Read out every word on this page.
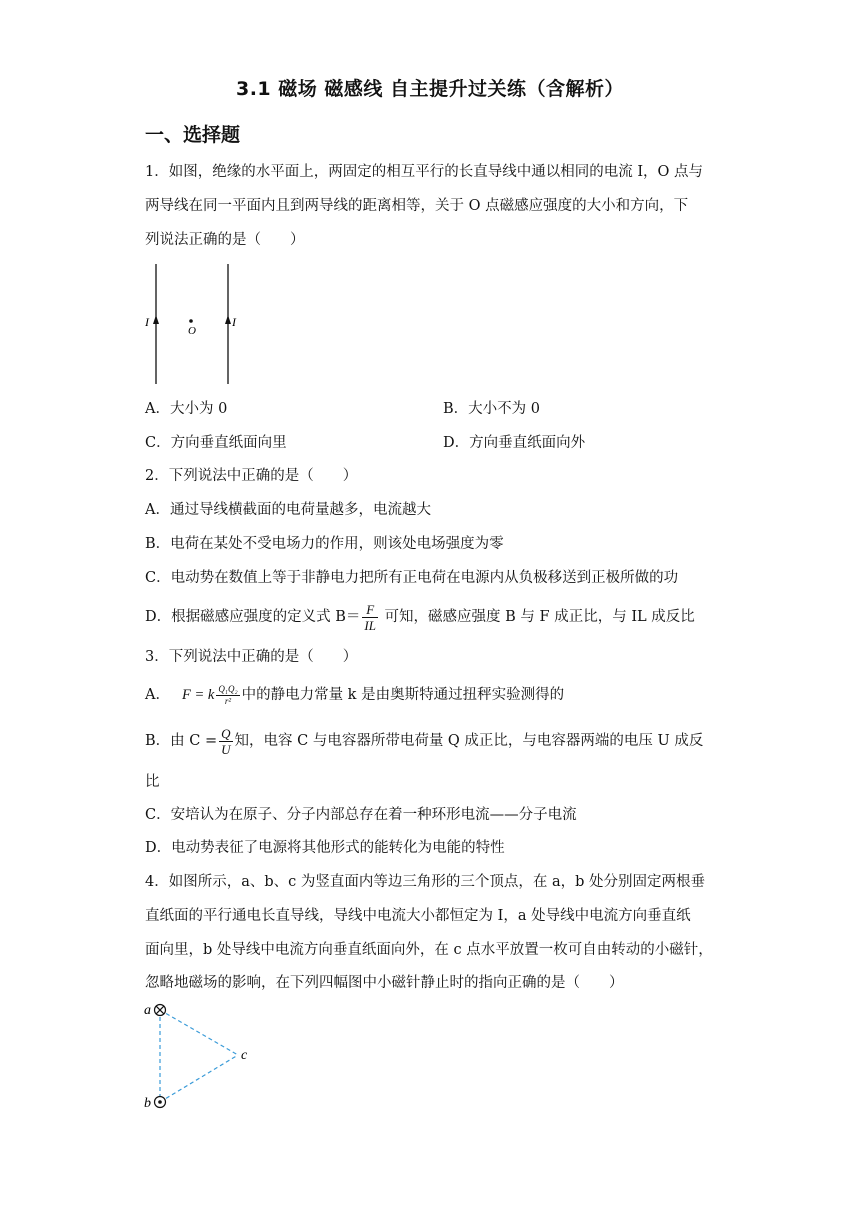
3.1 磁场 磁感线 自主提升过关练（含解析）
一、选择题
1．如图，绝缘的水平面上，两固定的相互平行的长直导线中通以相同的电流 I，O 点与
两导线在同一平面内且到两导线的距离相等，关于 O 点磁感应强度的大小和方向，下
列说法正确的是（　　）
I
O
I
A．大小为 0	B．大小不为 0
C．方向垂直纸面向里	D．方向垂直纸面向外
2．下列说法中正确的是（　　）
A．通过导线横截面的电荷量越多，电流越大
B．电荷在某处不受电场力的作用，则该处电场强度为零
C．电动势在数值上等于非静电力把所有正电荷在电源内从负极移送到正极所做的功
D．根据磁感应强度的定义式 $B= \frac{F}{IL}$ 可知，磁感应强度 B 与 F 成正比，与 IL 成反比
3．下列说法中正确的是（　　）
A． F = k $\frac{\text{Q₁Q₂}}{\text{r²}}$ 中的静电力常量 k 是由奥斯特通过扭秤实验测得的
B．由 $C = \frac{Q}{U}$ 知，电容 C 与电容器所带电荷量 Q 成正比，与电容器两端的电压 U 成反
比
C．安培认为在原子、分子内部总存在着一种环形电流——分子电流
D．电动势表征了电源将其他形式的能转化为电能的特性
4．如图所示，a、b、c 为竖直面内等边三角形的三个顶点，在 a，b 处分别固定两根垂
直纸面的平行通电长直导线，导线中电流大小都恒定为 I，a 处导线中电流方向垂直纸
面向里，b 处导线中电流方向垂直纸面向外，在 c 点水平放置一枚可自由转动的小磁针，
忽略地磁场的影响，在下列四幅图中小磁针静止时的指向正确的是（　　）
a
b
c
